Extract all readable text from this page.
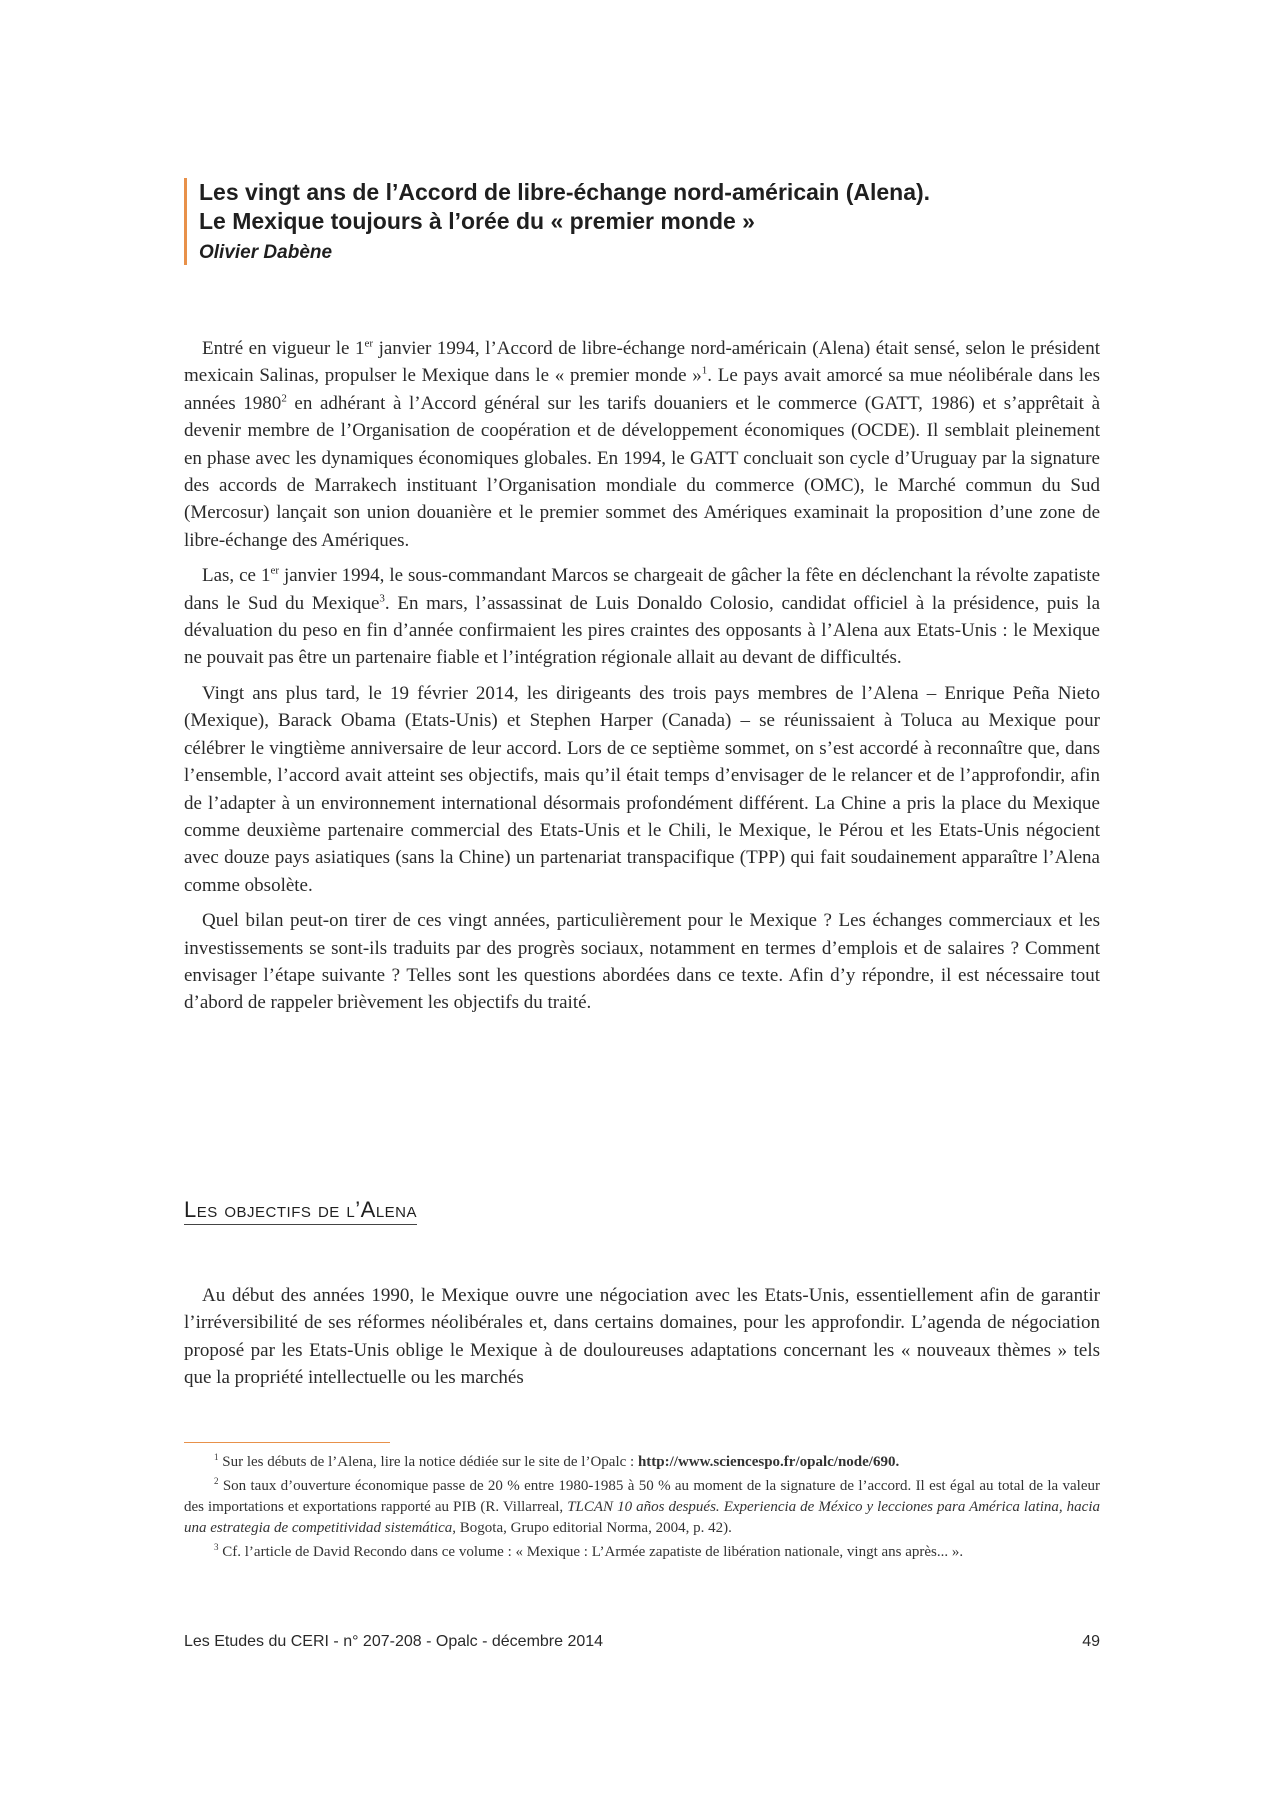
Les vingt ans de l’Accord de libre-échange nord-américain (Alena).
Le Mexique toujours à l’orée du « premier monde »
Olivier Dabène

Entré en vigueur le 1er janvier 1994, l’Accord de libre-échange nord-américain (Alena) était sensé, selon le président mexicain Salinas, propulser le Mexique dans le « premier monde »$^1$. Le pays avait amorcé sa mue néolibérale dans les années 1980$^2$ en adhérant à l’Accord général sur les tarifs douaniers et le commerce (GATT, 1986) et s’apprêtait à devenir membre de l’Organisation de coopération et de développement économiques (OCDE). Il semblait pleinement en phase avec les dynamiques économiques globales. En 1994, le GATT concluait son cycle d’Uruguay par la signature des accords de Marrakech instituant l’Organisation mondiale du commerce (OMC), le Marché commun du Sud (Mercosur) lançait son union douanière et le premier sommet des Amériques examinait la proposition d’une zone de libre-échange des Amériques.

Las, ce 1er janvier 1994, le sous-commandant Marcos se chargeait de gâcher la fête en déclenchant la révolte zapatiste dans le Sud du Mexique$^3$. En mars, l’assassinat de Luis Donaldo Colosio, candidat officiel à la présidence, puis la dévaluation du peso en fin d’année confirmaient les pires craintes des opposants à l’Alena aux Etats-Unis : le Mexique ne pouvait pas être un partenaire fiable et l’intégration régionale allait au devant de difficultés.

Vingt ans plus tard, le 19 février 2014, les dirigeants des trois pays membres de l’Alena – Enrique Peña Nieto (Mexique), Barack Obama (Etats-Unis) et Stephen Harper (Canada) – se réunissaient à Toluca au Mexique pour célébrer le vingtième anniversaire de leur accord. Lors de ce septième sommet, on s’est accordé à reconnaître que, dans l’ensemble, l’accord avait atteint ses objectifs, mais qu’il était temps d’envisager de le relancer et de l’approfondir, afin de l’adapter à un environnement international désormais profondément différent. La Chine a pris la place du Mexique comme deuxième partenaire commercial des Etats-Unis et le Chili, le Mexique, le Pérou et les Etats-Unis négocient avec douze pays asiatiques (sans la Chine) un partenariat transpacifique (TPP) qui fait soudainement apparaître l’Alena comme obsolète.

Quel bilan peut-on tirer de ces vingt années, particulièrement pour le Mexique ? Les échanges commerciaux et les investissements se sont-ils traduits par des progrès sociaux, notamment en termes d’emplois et de salaires ? Comment envisager l’étape suivante ? Telles sont les questions abordées dans ce texte. Afin d’y répondre, il est nécessaire tout d’abord de rappeler brièvement les objectifs du traité.

Les objectifs de l’Alena

Au début des années 1990, le Mexique ouvre une négociation avec les Etats-Unis, essentiellement afin de garantir l’irréversibilité de ses réformes néolibérales et, dans certains domaines, pour les approfondir. L’agenda de négociation proposé par les Etats-Unis oblige le Mexique à de douloureuses adaptations concernant les « nouveaux thèmes » tels que la propriété intellectuelle ou les marchés

$^1$ Sur les débuts de l’Alena, lire la notice dédiée sur le site de l’Opalc : http://www.sciencespo.fr/opalc/node/690.

$^2$ Son taux d’ouverture économique passe de 20 % entre 1980-1985 à 50 % au moment de la signature de l’accord. Il est égal au total de la valeur des importations et exportations rapporté au PIB (R. Villarreal, TLCAN 10 años después. Experiencia de México y lecciones para América latina, hacia una estrategia de competitividad sistemática, Bogota, Grupo editorial Norma, 2004, p. 42).

$^3$ Cf. l’article de David Recondo dans ce volume : « Mexique : L’Armée zapatiste de libération nationale, vingt ans après... ».

Les Etudes du CERI - n° 207-208 - Opalc - décembre 2014	49
